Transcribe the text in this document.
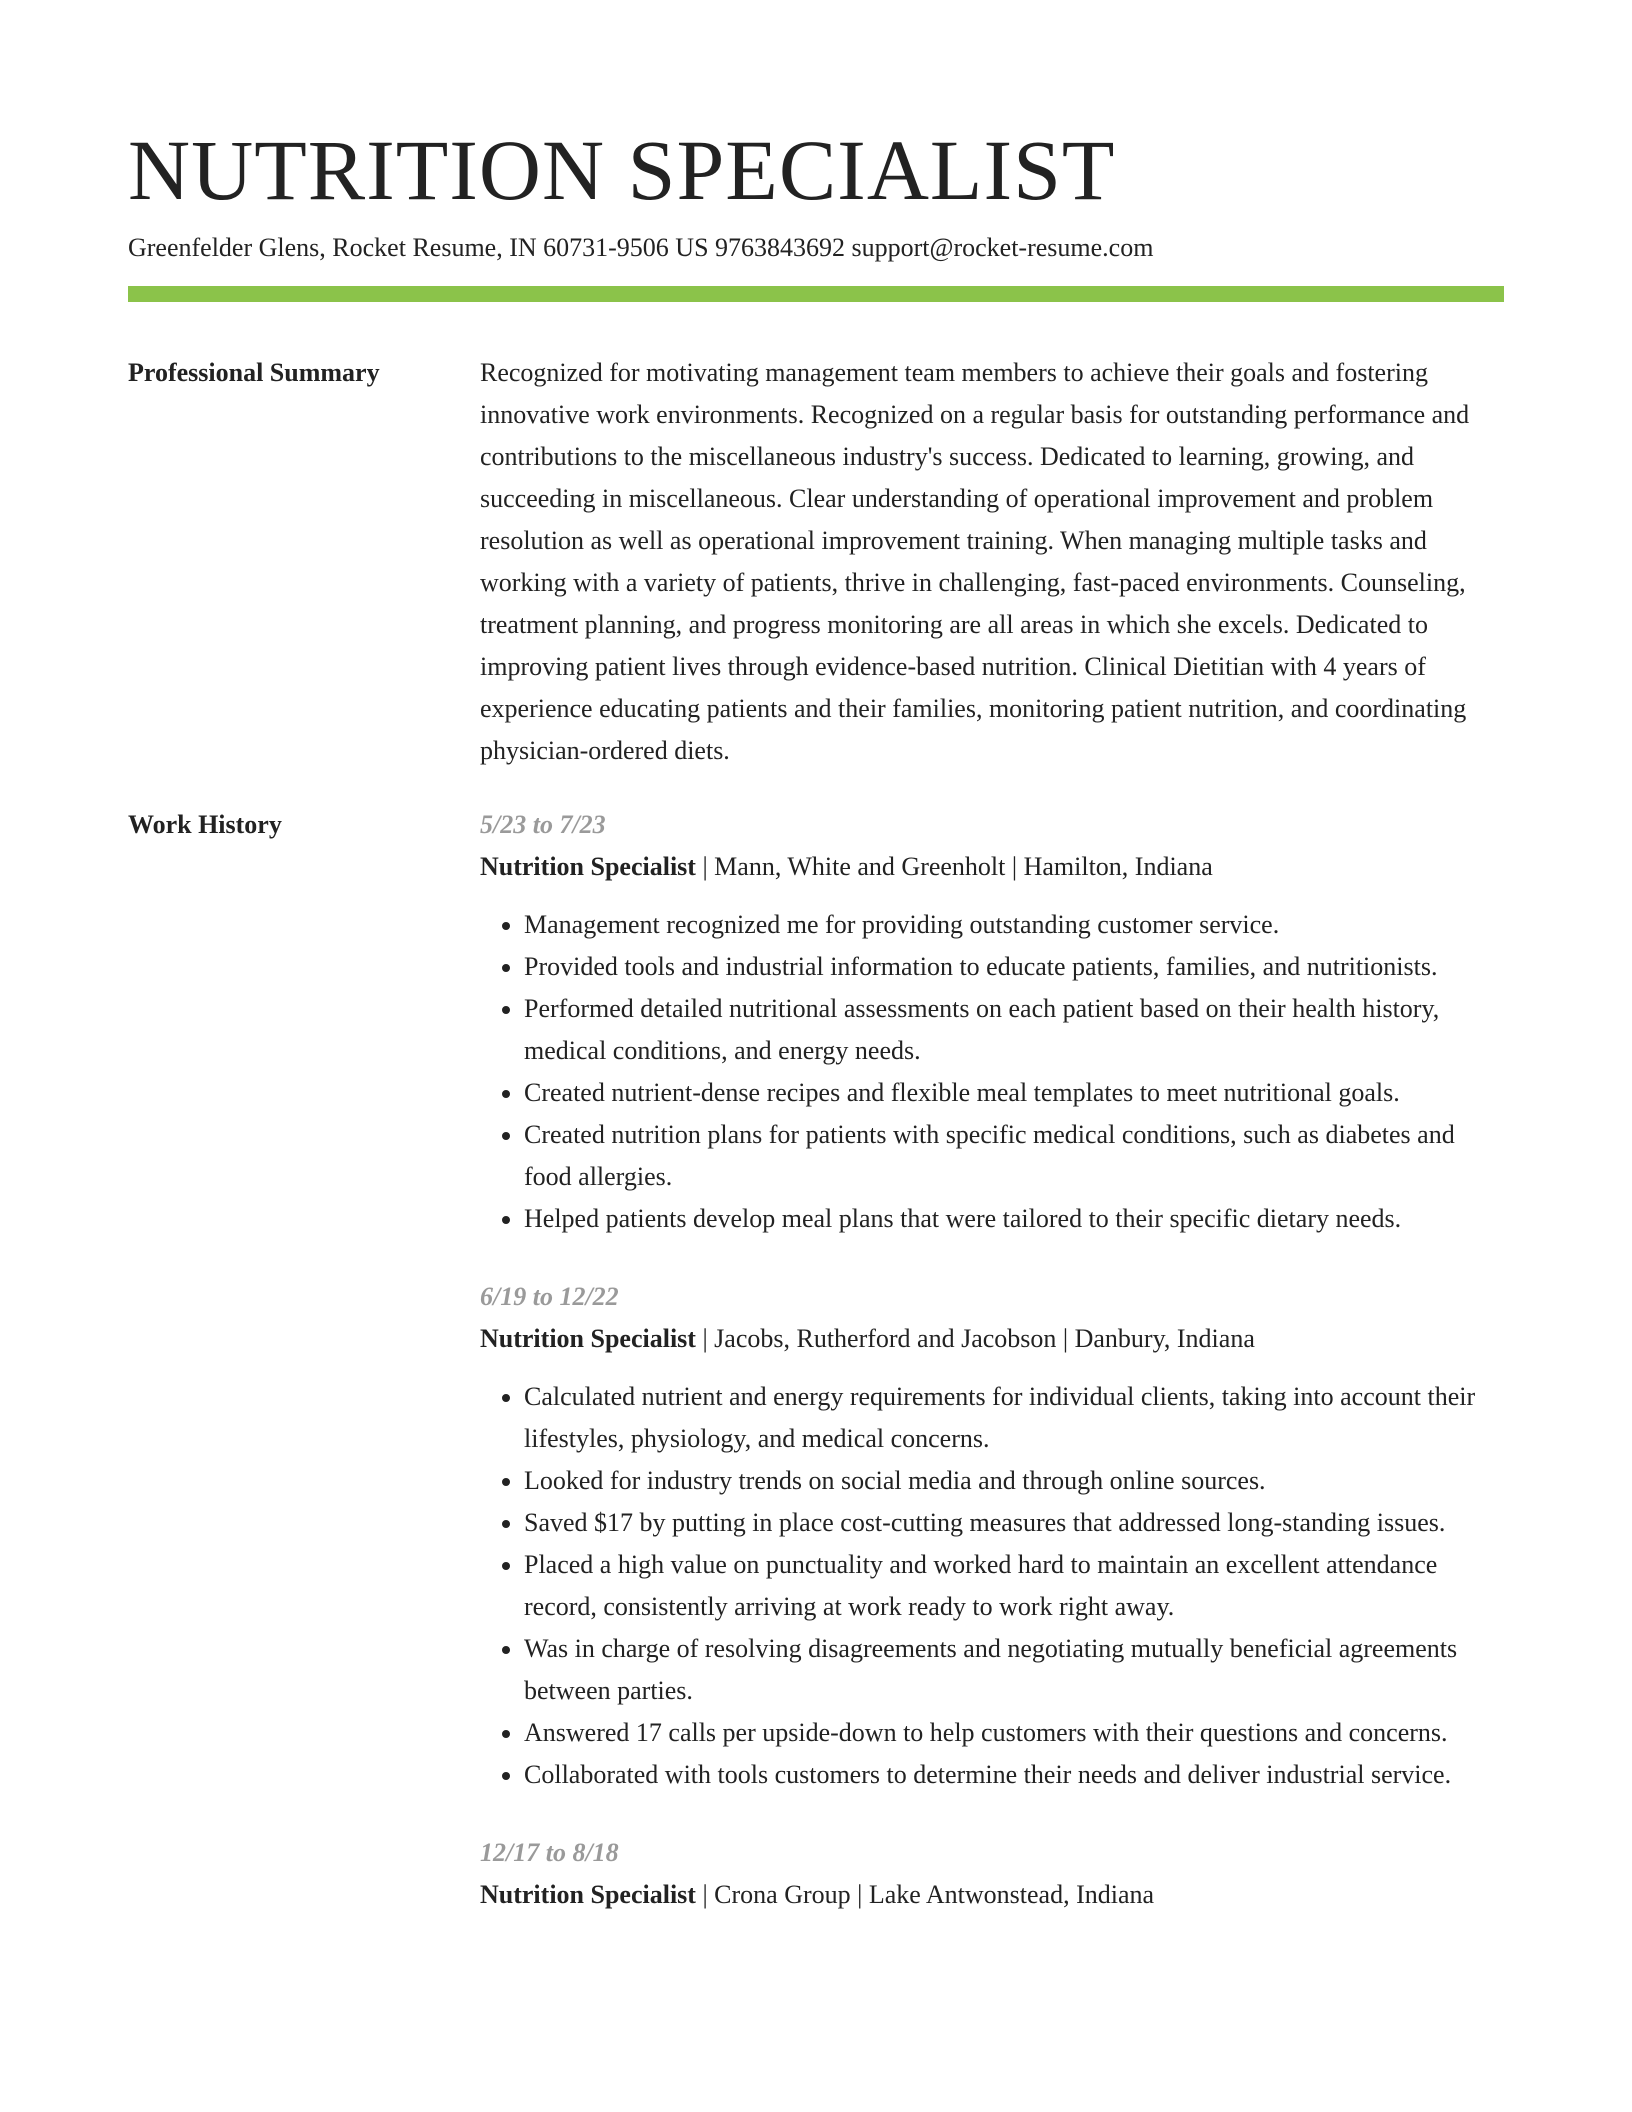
NUTRITION SPECIALIST
Greenfelder Glens, Rocket Resume, IN 60731-9506 US 9763843692 support@rocket-resume.com
Professional Summary	Recognized for motivating management team members to achieve their goals and fostering innovative work environments. Recognized on a regular basis for outstanding performance and contributions to the miscellaneous industry's success. Dedicated to learning, growing, and succeeding in miscellaneous. Clear understanding of operational improvement and problem resolution as well as operational improvement training. When managing multiple tasks and working with a variety of patients, thrive in challenging, fast-paced environments. Counseling, treatment planning, and progress monitoring are all areas in which she excels. Dedicated to improving patient lives through evidence-based nutrition. Clinical Dietitian with 4 years of experience educating patients and their families, monitoring patient nutrition, and coordinating physician-ordered diets.
Work History	5/23 to 7/23
Nutrition Specialist | Mann, White and Greenholt | Hamilton, Indiana
• Management recognized me for providing outstanding customer service.
• Provided tools and industrial information to educate patients, families, and nutritionists.
• Performed detailed nutritional assessments on each patient based on their health history, medical conditions, and energy needs.
• Created nutrient-dense recipes and flexible meal templates to meet nutritional goals.
• Created nutrition plans for patients with specific medical conditions, such as diabetes and food allergies.
• Helped patients develop meal plans that were tailored to their specific dietary needs.
6/19 to 12/22
Nutrition Specialist | Jacobs, Rutherford and Jacobson | Danbury, Indiana
• Calculated nutrient and energy requirements for individual clients, taking into account their lifestyles, physiology, and medical concerns.
• Looked for industry trends on social media and through online sources.
• Saved $17 by putting in place cost-cutting measures that addressed long-standing issues.
• Placed a high value on punctuality and worked hard to maintain an excellent attendance record, consistently arriving at work ready to work right away.
• Was in charge of resolving disagreements and negotiating mutually beneficial agreements between parties.
• Answered 17 calls per upside-down to help customers with their questions and concerns.
• Collaborated with tools customers to determine their needs and deliver industrial service.
12/17 to 8/18
Nutrition Specialist | Crona Group | Lake Antwonstead, Indiana
